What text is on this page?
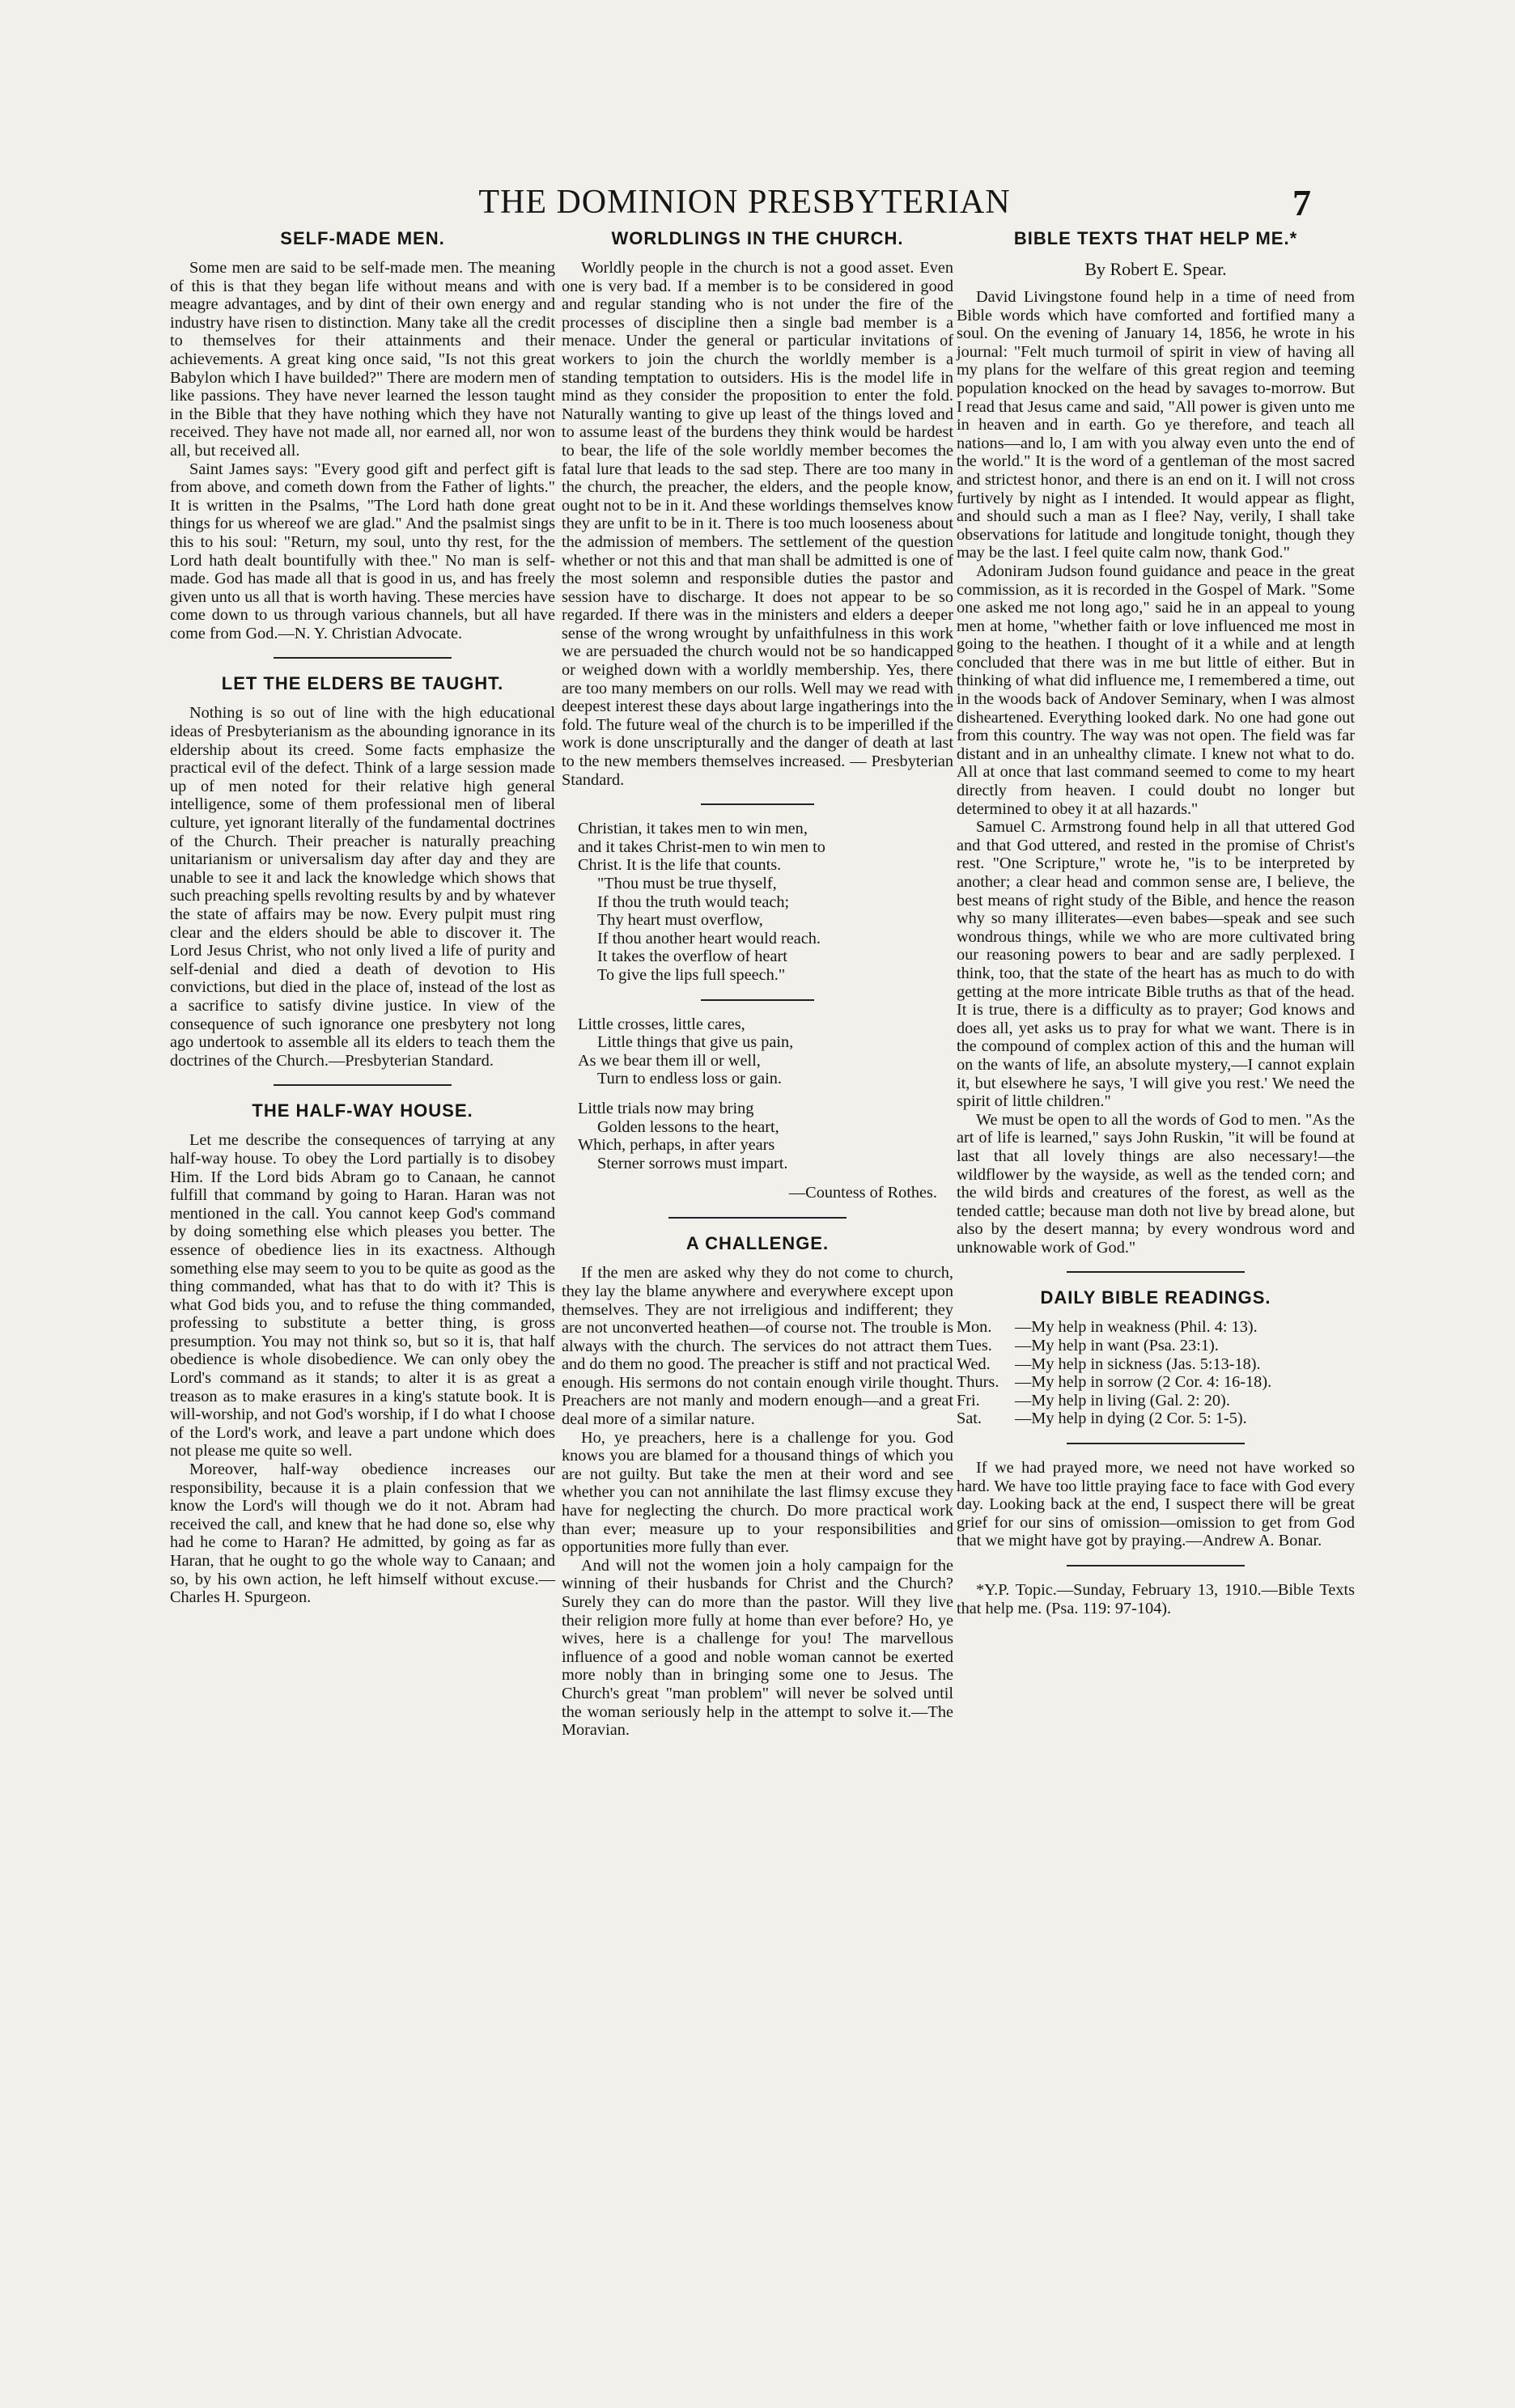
THE DOMINION PRESBYTERIAN	7
SELF-MADE MEN.

Some men are said to be self-made men. The meaning of this is that they began life without means and with meagre advantages, and by dint of their own energy and industry have risen to distinction. Many take all the credit to themselves for their attainments and their achievements. A great king once said, "Is not this great Babylon which I have builded?" There are modern men of like passions. They have never learned the lesson taught in the Bible that they have nothing which they have not received. They have not made all, nor earned all, nor won all, but received all.

Saint James says: "Every good gift and perfect gift is from above, and cometh down from the Father of lights." It is written in the Psalms, "The Lord hath done great things for us whereof we are glad." And the psalmist sings this to his soul: "Return, my soul, unto thy rest, for the Lord hath dealt bountifully with thee." No man is self-made. God has made all that is good in us, and has freely given unto us all that is worth having. These mercies have come down to us through various channels, but all have come from God.—N. Y. Christian Advocate.

LET THE ELDERS BE TAUGHT.

Nothing is so out of line with the high educational ideas of Presbyterianism as the abounding ignorance in its eldership about its creed. Some facts emphasize the practical evil of the defect. Think of a large session made up of men noted for their relative high general intelligence, some of them professional men of liberal culture, yet ignorant literally of the fundamental doctrines of the Church. Their preacher is naturally preaching unitarianism or universalism day after day and they are unable to see it and lack the knowledge which shows that such preaching spells revolting results by and by whatever the state of affairs may be now. Every pulpit must ring clear and the elders should be able to discover it. The Lord Jesus Christ, who not only lived a life of purity and self-denial and died a death of devotion to His convictions, but died in the place of, instead of the lost as a sacrifice to satisfy divine justice. In view of the consequence of such ignorance one presbytery not long ago undertook to assemble all its elders to teach them the doctrines of the Church.—Presbyterian Standard.

THE HALF-WAY HOUSE.

Let me describe the consequences of tarrying at any half-way house. To obey the Lord partially is to disobey Him. If the Lord bids Abram go to Canaan, he cannot fulfill that command by going to Haran. Haran was not mentioned in the call. You cannot keep God's command by doing something else which pleases you better. The essence of obedience lies in its exactness. Although something else may seem to you to be quite as good as the thing commanded, what has that to do with it? This is what God bids you, and to refuse the thing commanded, professing to substitute a better thing, is gross presumption. You may not think so, but so it is, that half obedience is whole disobedience. We can only obey the Lord's command as it stands; to alter it is as great a treason as to make erasures in a king's statute book. It is will-worship, and not God's worship, if I do what I choose of the Lord's work, and leave a part undone which does not please me quite so well.

Moreover, half-way obedience increases our responsibility, because it is a plain confession that we know the Lord's will though we do it not. Abram had received the call, and knew that he had done so, else why had he come to Haran? He admitted, by going as far as Haran, that he ought to go the whole way to Canaan; and so, by his own action, he left himself without excuse.—Charles H. Spurgeon.

WORLDLINGS IN THE CHURCH.

Worldly people in the church is not a good asset. Even one is very bad. If a member is to be considered in good and regular standing who is not under the fire of the processes of discipline then a single bad member is a menace. Under the general or particular invitations of workers to join the church the worldly member is a standing temptation to outsiders. His is the model life in mind as they consider the proposition to enter the fold. Naturally wanting to give up least of the things loved and to assume least of the burdens they think would be hardest to bear, the life of the sole worldly member becomes the fatal lure that leads to the sad step. There are too many in the church, the preacher, the elders, and the people know, ought not to be in it. And these worldings themselves know they are unfit to be in it. There is too much looseness about the admission of members. The settlement of the question whether or not this and that man shall be admitted is one of the most solemn and responsible duties the pastor and session have to discharge. It does not appear to be so regarded. If there was in the ministers and elders a deeper sense of the wrong wrought by unfaithfulness in this work we are persuaded the church would not be so handicapped or weighed down with a worldly membership. Yes, there are too many members on our rolls. Well may we read with deepest interest these days about large ingatherings into the fold. The future weal of the church is to be imperilled if the work is done unscripturally and the danger of death at last to the new members themselves increased. — Presbyterian Standard.

Christian, it takes men to win men,
and it takes Christ-men to win men to
Christ. It is the life that counts.
"Thou must be true thyself,
If thou the truth would teach;
Thy heart must overflow,
If thou another heart would reach.
It takes the overflow of heart
To give the lips full speech."
Little crosses, little cares,
Little things that give us pain,
As we bear them ill or well,
Turn to endless loss or gain.
Little trials now may bring
Golden lessons to the heart,
Which, perhaps, in after years
Sterner sorrows must impart.
—Countess of Rothes.
A CHALLENGE.

If the men are asked why they do not come to church, they lay the blame anywhere and everywhere except upon themselves. They are not irreligious and indifferent; they are not unconverted heathen—of course not. The trouble is always with the church. The services do not attract them and do them no good. The preacher is stiff and not practical enough. His sermons do not contain enough virile thought. Preachers are not manly and modern enough—and a great deal more of a similar nature.

Ho, ye preachers, here is a challenge for you. God knows you are blamed for a thousand things of which you are not guilty. But take the men at their word and see whether you can not annihilate the last flimsy excuse they have for neglecting the church. Do more practical work than ever; measure up to your responsibilities and opportunities more fully than ever.

And will not the women join a holy campaign for the winning of their husbands for Christ and the Church? Surely they can do more than the pastor. Will they live their religion more fully at home than ever before? Ho, ye wives, here is a challenge for you! The marvellous influence of a good and noble woman cannot be exerted more nobly than in bringing some one to Jesus. The Church's great "man problem" will never be solved until the woman seriously help in the attempt to solve it.—The Moravian.

BIBLE TEXTS THAT HELP ME.*
By Robert E. Spear.

David Livingstone found help in a time of need from Bible words which have comforted and fortified many a soul. On the evening of January 14, 1856, he wrote in his journal: "Felt much turmoil of spirit in view of having all my plans for the welfare of this great region and teeming population knocked on the head by savages to-morrow. But I read that Jesus came and said, "All power is given unto me in heaven and in earth. Go ye therefore, and teach all nations—and lo, I am with you alway even unto the end of the world." It is the word of a gentleman of the most sacred and strictest honor, and there is an end on it. I will not cross furtively by night as I intended. It would appear as flight, and should such a man as I flee? Nay, verily, I shall take observations for latitude and longitude tonight, though they may be the last. I feel quite calm now, thank God."

Adoniram Judson found guidance and peace in the great commission, as it is recorded in the Gospel of Mark. "Some one asked me not long ago," said he in an appeal to young men at home, "whether faith or love influenced me most in going to the heathen. I thought of it a while and at length concluded that there was in me but little of either. But in thinking of what did influence me, I remembered a time, out in the woods back of Andover Seminary, when I was almost disheartened. Everything looked dark. No one had gone out from this country. The way was not open. The field was far distant and in an unhealthy climate. I knew not what to do. All at once that last command seemed to come to my heart directly from heaven. I could doubt no longer but determined to obey it at all hazards."

Samuel C. Armstrong found help in all that uttered God and that God uttered, and rested in the promise of Christ's rest. "One Scripture," wrote he, "is to be interpreted by another; a clear head and common sense are, I believe, the best means of right study of the Bible, and hence the reason why so many illiterates—even babes—speak and see such wondrous things, while we who are more cultivated bring our reasoning powers to bear and are sadly perplexed. I think, too, that the state of the heart has as much to do with getting at the more intricate Bible truths as that of the head. It is true, there is a difficulty as to prayer; God knows and does all, yet asks us to pray for what we want. There is in the compound of complex action of this and the human will on the wants of life, an absolute mystery,—I cannot explain it, but elsewhere he says, 'I will give you rest.' We need the spirit of little children."

We must be open to all the words of God to men. "As the art of life is learned," says John Ruskin, "it will be found at last that all lovely things are also necessary!—the wildflower by the wayside, as well as the tended corn; and the wild birds and creatures of the forest, as well as the tended cattle; because man doth not live by bread alone, but also by the desert manna; by every wondrous word and unknowable work of God."

DAILY BIBLE READINGS.
Mon.	—My help in weakness (Phil. 4: 13).
Tues.	—My help in want (Psa. 23:1).
Wed.	—My help in sickness (Jas. 5:13-18).
Thurs. —My help in sorrow (2 Cor. 4: 16-18).
Fri.	—My help in living (Gal. 2: 20).
Sat.	—My help in dying (2 Cor. 5: 1-5).

If we had prayed more, we need not have worked so hard. We have too little praying face to face with God every day. Looking back at the end, I suspect there will be great grief for our sins of omission—omission to get from God that we might have got by praying.—Andrew A. Bonar.

*Y.P. Topic.—Sunday, February 13, 1910.—Bible Texts that help me. (Psa. 119: 97-104).
